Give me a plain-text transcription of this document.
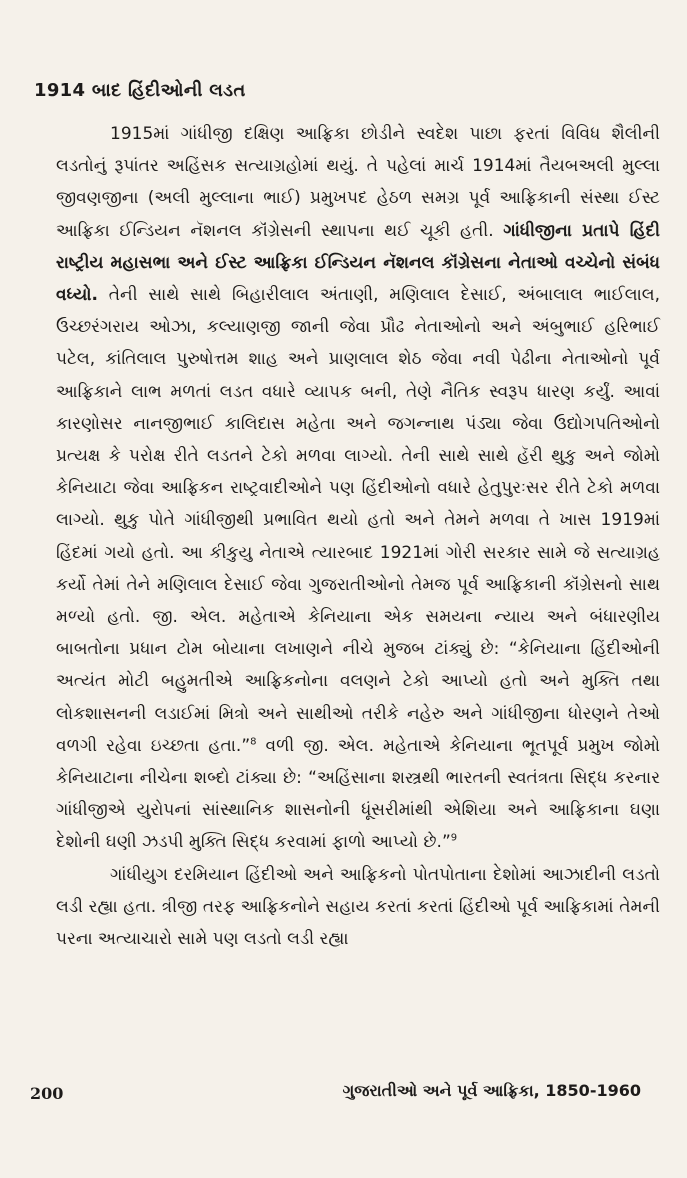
1914 બાદ હિંદીઓની લડત

1915માં ગાંધીજી દક્ષિણ આફ્રિકા છોડીને સ્વદેશ પાછા ફરતાં વિવિધ શૈલીની લડતોનું રૂપાંતર અહિંસક સત્યાગ્રહોમાં થયું. તે પહેલાં માર્ચ 1914માં તૈયબઅલી મુલ્લા જીવણજીના (અલી મુલ્લાના ભાઈ) પ્રમુખપદ હેઠળ સમગ્ર પૂર્વ આફ્રિકાની સંસ્થા ઈસ્ટ આફ્રિકા ઈન્ડિયન નૅશનલ કૉંગ્રેસની સ્થાપના થઈ ચૂકી હતી. ગાંધીજીના પ્રતાપે હિંદી રાષ્ટ્રીય મહાસભા અને ઈસ્ટ આફ્રિકા ઈન્ડિયન નૅશનલ કૉંગ્રેસના નેતાઓ વચ્ચેનો સંબંધ વધ્યો. તેની સાથે સાથે બિહારીલાલ અંતાણી, મણિલાલ દેસાઈ, અંબાલાલ ભાઈલાલ, ઉચ્છરંગરાય ઓઝા, કલ્યાણજી જાની જેવા પ્રૌઢ નેતાઓનો અને અંબુભાઈ હરિભાઈ પટેલ, કાંતિલાલ પુરુષોત્તમ શાહ અને પ્રાણલાલ શેઠ જેવા નવી પેઢીના નેતાઓનો પૂર્વ આફ્રિકાને લાભ મળતાં લડત વધારે વ્યાપક બની, તેણે નૈતિક સ્વરૂપ ધારણ કર્યું. આવાં કારણોસર નાનજીભાઈ કાલિદાસ મહેતા અને જગન્નાથ પંડ્યા જેવા ઉદ્યોગપતિઓનો પ્રત્યક્ષ કે પરોક્ષ રીતે લડતને ટેકો મળવા લાગ્યો. તેની સાથે સાથે હૅરી થુકુ અને જોમો કેનિયાટા જેવા આફ્રિકન રાષ્ટ્રવાદીઓને પણ હિંદીઓનો વધારે હેતુપુરઃસર રીતે ટેકો મળવા લાગ્યો. થુકુ પોતે ગાંધીજીથી પ્રભાવિત થયો હતો અને તેમને મળવા તે ખાસ 1919માં હિંદમાં ગયો હતો. આ કીકુયુ નેતાએ ત્યારબાદ 1921માં ગોરી સરકાર સામે જે સત્યાગ્રહ કર્યો તેમાં તેને મણિલાલ દેસાઈ જેવા ગુજરાતીઓનો તેમજ પૂર્વ આફ્રિકાની કૉંગ્રેસનો સાથ મળ્યો હતો. જી. એલ. મહેતાએ કેનિયાના એક સમયના ન્યાય અને બંધારણીય બાબતોના પ્રધાન ટોમ બોયાના લખાણને નીચે મુજબ ટાંક્યું છે: “કેનિયાના હિંદીઓની અત્યંત મોટી બહુમતીએ આફ્રિકનોના વલણને ટેકો આપ્યો હતો અને મુક્તિ તથા લોકશાસનની લડાઈમાં મિત્રો અને સાથીઓ તરીકે નહેરુ અને ગાંધીજીના ધોરણને તેઓ વળગી રહેવા ઇચ્છતા હતા.”$^8$ વળી જી. એલ. મહેતાએ કેનિયાના ભૂતપૂર્વ પ્રમુખ જોમો કેનિયાટાના નીચેના શબ્દો ટાંક્યા છે: “અહિંસાના શસ્ત્રથી ભારતની સ્વતંત્રતા સિદ્ધ કરનાર ગાંધીજીએ યુરોપનાં સાંસ્થાનિક શાસનોની ધૂંસરીમાંથી એશિયા અને આફ્રિકાના ઘણા દેશોની ઘણી ઝડપી મુક્તિ સિદ્ધ કરવામાં ફાળો આપ્યો છે.”$^9$

ગાંધીયુગ દરમિયાન હિંદીઓ અને આફ્રિકનો પોતપોતાના દેશોમાં આઝાદીની લડતો લડી રહ્યા હતા. ત્રીજી તરફ આફ્રિકનોને સહાય કરતાં કરતાં હિંદીઓ પૂર્વ આફ્રિકામાં તેમની પરના અત્યાચારો સામે પણ લડતો લડી રહ્યા

200	ગુજરાતીઓ અને પૂર્વ આફ્રિકા, 1850-1960
